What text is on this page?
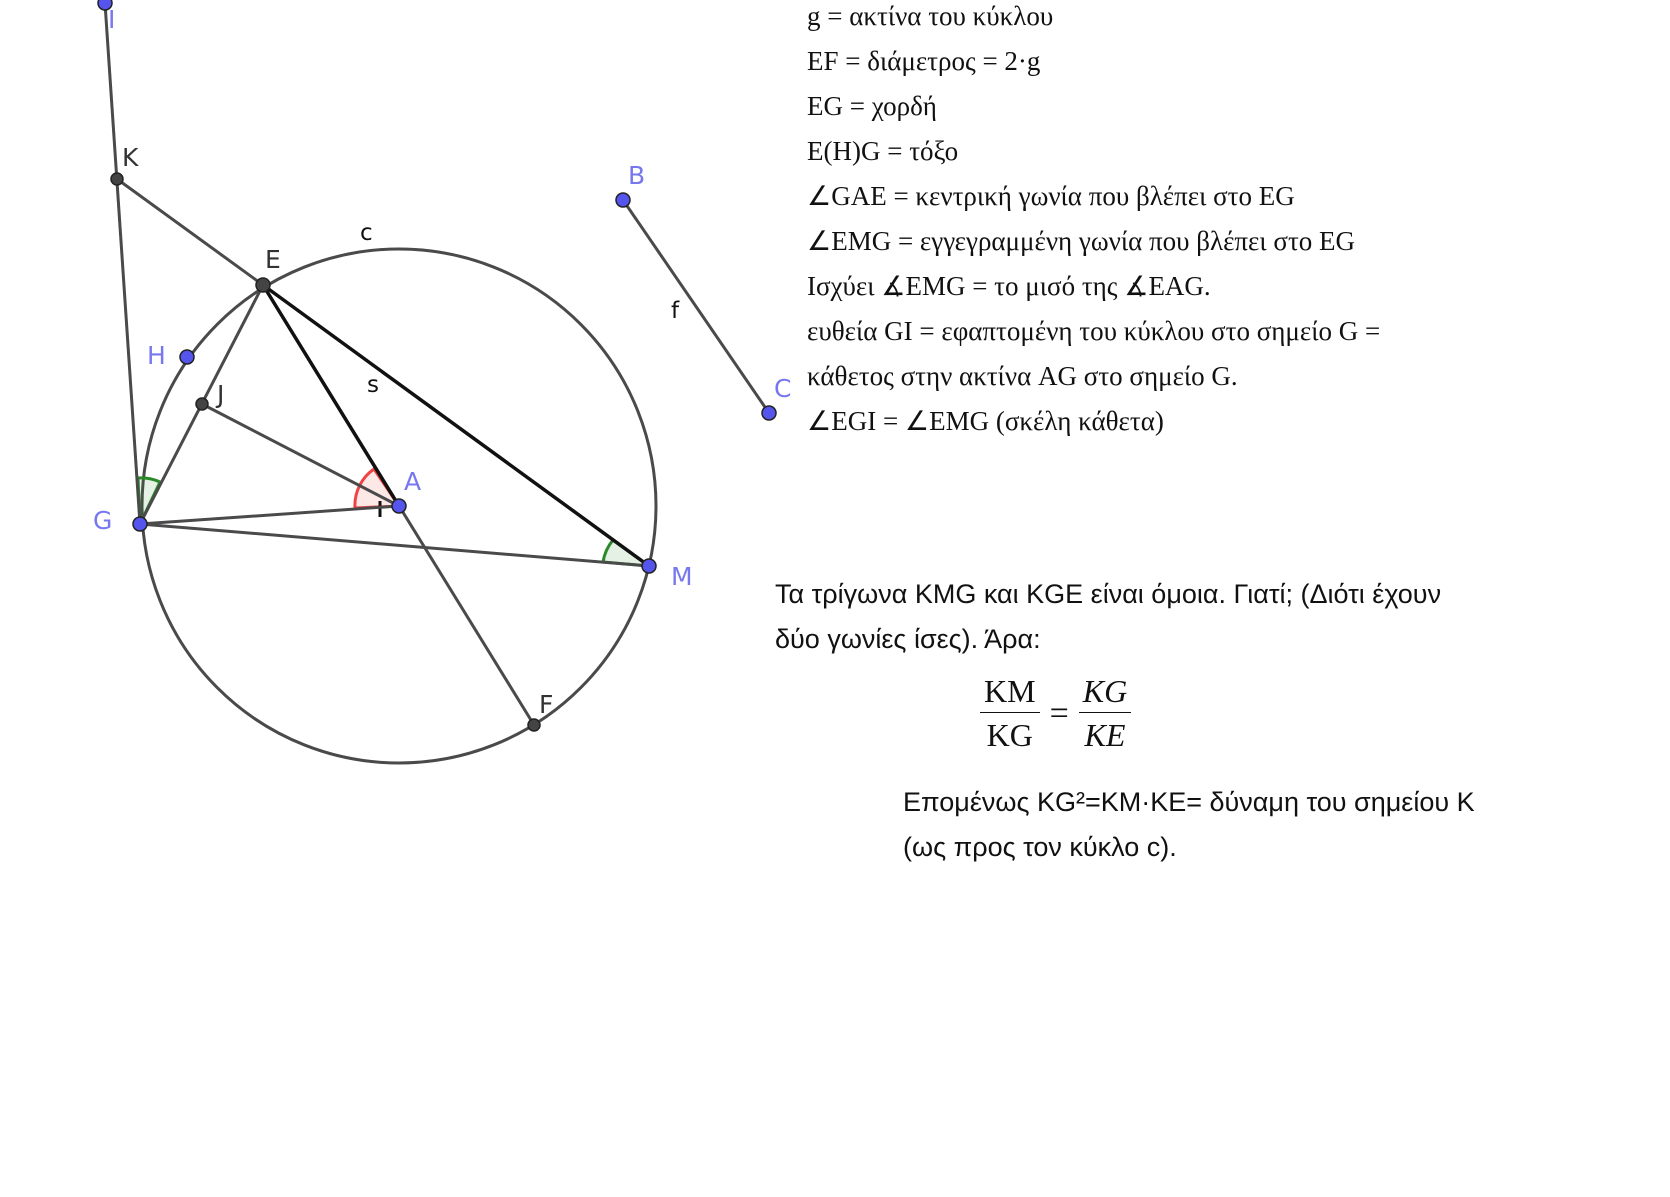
I
K
E
H
J
A
G
M
F
B
C
c
f
s
g = ακτίνα του κύκλου
EF = διάμετρος = 2·g
EG = χορδή
E(H)G = τόξο
∠GAE = κεντρική γωνία που βλέπει στο EG
∠EMG = εγγεγραμμένη γωνία που βλέπει στο EG
Ισχύει ∡EMG = το μισό της ∡EAG.
ευθεία GI = εφαπτομένη του κύκλου στο σημείο G =
κάθετος στην ακτίνα AG στο σημείο G.
∠EGI = ∠EMG (σκέλη κάθετα)
Τα τρίγωνα KMG και KGE είναι όμοια. Γιατί; (Διότι έχουν
δύο γωνίες ίσες). Άρα:
$\frac{KM}{KG} = \frac{KG}{KE}$
Επομένως KG²=KM·KE= δύναμη του σημείου K
(ως προς τον κύκλο c).
